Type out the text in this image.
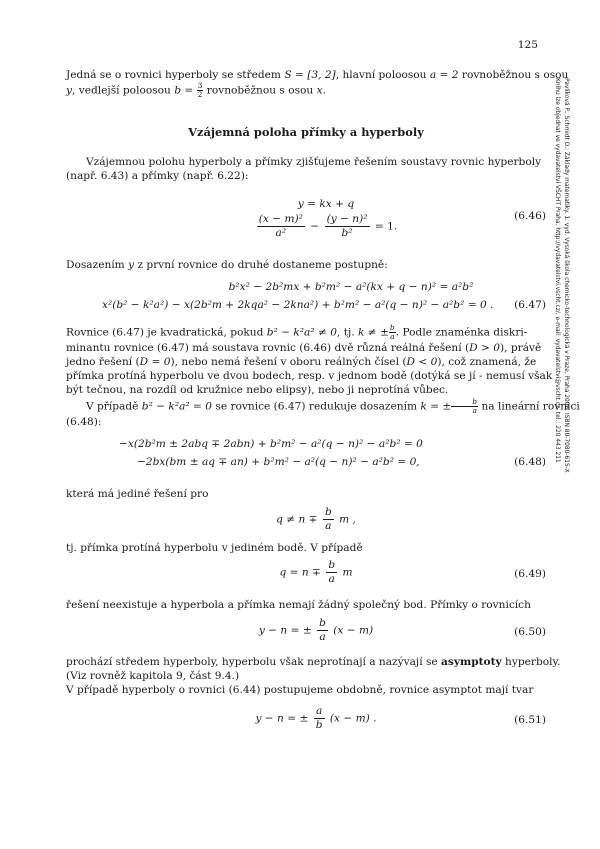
125
Pavlíková P., Schmidt O.: Základy matematiky. 1. vyd. Vysoká škola chemicko-technologická v Praze, Praha 2006. ISBN 80-7080-615-X
Knihu lze objednat ve vydavatelství VŠCHT Praha, http://vydavatelstvi.vscht.cz/, e-mail: vydavatelstvi@vscht.cz, tel.: 220 443 211

Jedná se o rovnici hyperboly se středem S = [3, 2], hlavní poloosou a = 2 rovnoběžnou s osou

y, vedlejší poloosou $b = \frac{3}{2}$ rovnoběžnou s osou x.

Vzájemná poloha přímky a hyperboly

Vzájemnou polohu hyperboly a přímky zjišťujeme řešením soustavy rovnic hyperboly

(např. 6.43) a přímky (např. 6.22):

y = kx + q
$\frac{\text{(x − m)²}}{\text{a²}} - \frac{\text{(y − n)²}}{\text{b²}} = 1$.
(6.46)

Dosazením y z první rovnice do druhé dostaneme postupně:

b²x² − 2b²mx + b²m² − a²(kx + q − n)² = a²b²
x²(b² − k²a²) − x(2b²m + 2kqa² − 2kna²) + b²m² − a²(q − n)² − a²b² = 0 .	(6.47)

Rovnice (6.47) je kvadratická, pokud b² − k²a² ≠ 0, tj. k ≠ ± $\frac{b}{a}$ . Podle znaménka diskri-

minantu rovnice (6.47) má soustava rovnic (6.46) dvě různá reálná řešení (D > 0), právě

jedno řešení (D = 0), nebo nemá řešení v oboru reálných čísel (D < 0), což znamená, že

přímka protíná hyperbolu ve dvou bodech, resp. v jednom bodě (dotýká se jí - nemusí však

být tečnou, na rozdíl od kružnice nebo elipsy), nebo ji neprotíná vůbec.

V případě b² − k²a² = 0 se rovnice (6.47) redukuje dosazením k = ± $\frac{b}{a}$ na lineární rovnici

(6.48):

−x(2b²m ± 2abq ∓ 2abn) + b²m² − a²(q − n)² − a²b² = 0
−2bx(bm ± aq ∓ an) + b²m² − a²(q − n)² − a²b² = 0,	(6.48)

která má jediné řešení pro

$q \ne n \mp \frac{b}{a}$ m ,

tj. přímka protíná hyperbolu v jediném bodě. V případě

$q = n \mp \frac{b}{a}$ m	(6.49)

řešení neexistuje a hyperbola a přímka nemají žádný společný bod. Přímky o rovnicích

y − n = ± $\frac{b}{a} (x - m)$	(6.50)

prochází středem hyperboly, hyperbolu však neprotínají a nazývají se asymptoty hyperboly.

(Viz rovněž kapitola 9, část 9.4.)

V případě hyperboly o rovnici (6.44) postupujeme obdobně, rovnice asymptot mají tvar

y − n = ± $\frac{a}{b} (x - m)$ .	(6.51)
